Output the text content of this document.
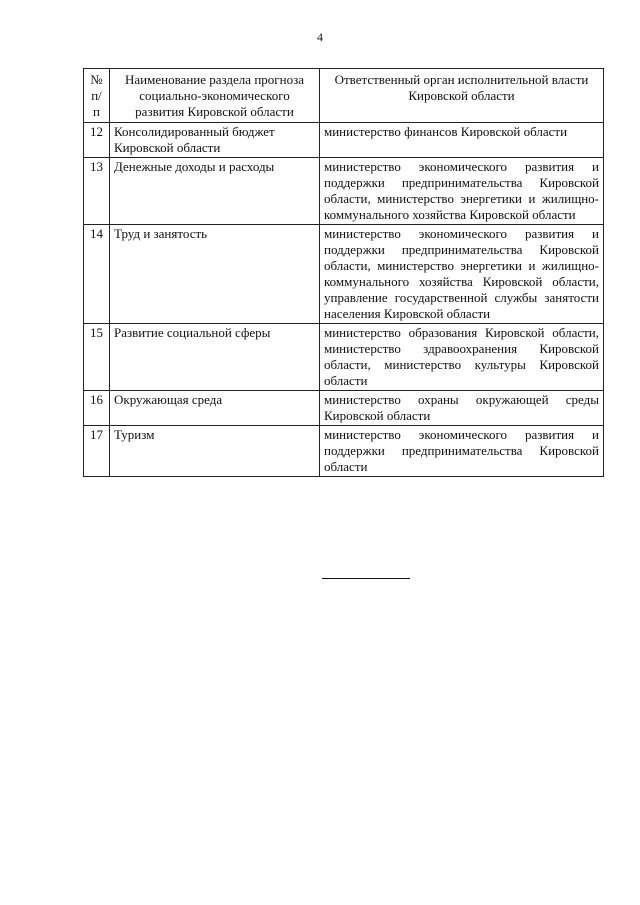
4
№ п/п	Наименование раздела прогноза социально-экономического развития Кировской области	Ответственный орган исполнительной власти Кировской области
12	Консолидированный бюджет Кировской области	министерство финансов Кировской области
13	Денежные доходы и расходы	министерство экономического развития и поддержки предпринимательства Кировской области, министерство энергетики и жилищно-коммунального хозяйства Кировской области
14	Труд и занятость	министерство экономического развития и поддержки предпринимательства Кировской области, министерство энергетики и жилищно-коммунального хозяйства Кировской области, управление государственной службы занятости населения Кировской области
15	Развитие социальной сферы	министерство образования Кировской области, министерство здравоохранения Кировской области, министерство культуры Кировской области
16	Окружающая среда	министерство охраны окружающей среды Кировской области
17	Туризм	министерство экономического развития и поддержки предпринимательства Кировской области
